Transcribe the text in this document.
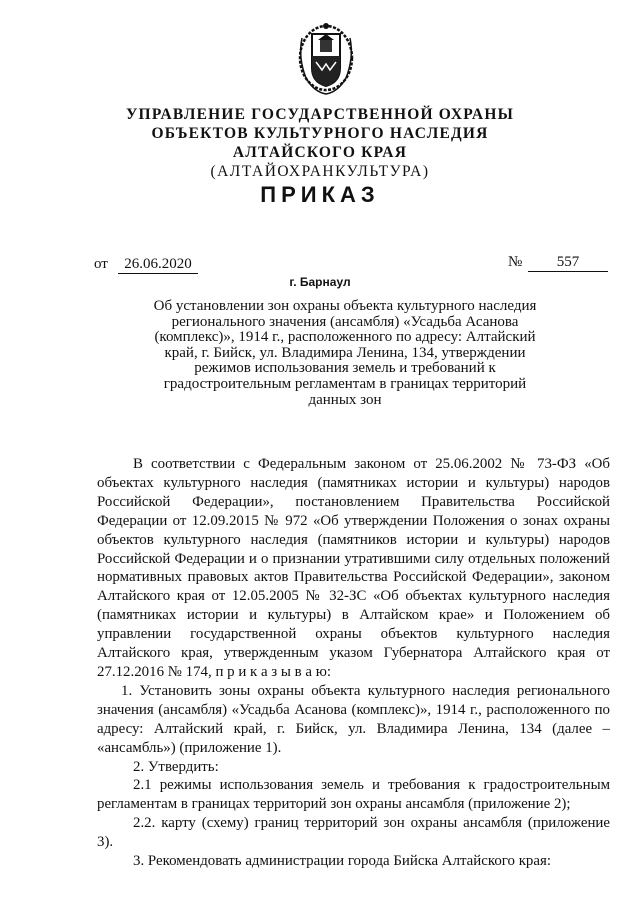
УПРАВЛЕНИЕ ГОСУДАРСТВЕННОЙ ОХРАНЫ
ОБЪЕКТОВ КУЛЬТУРНОГО НАСЛЕДИЯ
АЛТАЙСКОГО КРАЯ
(АЛТАЙОХРАНКУЛЬТУРА)
ПРИКАЗ
от	26.06.2020	№	557
г. Барнаул
Об установлении зон охраны объекта культурного наследия регионального значения (ансамбля) «Усадьба Асанова (комплекс)», 1914 г., расположенного по адресу: Алтайский край, г. Бийск, ул. Владимира Ленина, 134, утверждении режимов использования земель и требований к градостроительным регламентам в границах территорий данных зон

В соответствии с Федеральным законом от 25.06.2002 № 73-ФЗ «Об объектах культурного наследия (памятниках истории и культуры) народов Российской Федерации», постановлением Правительства Российской Федерации от 12.09.2015 № 972 «Об утверждении Положения о зонах охраны объектов культурного наследия (памятников истории и культуры) народов Российской Федерации и о признании утратившими силу отдельных положений нормативных правовых актов Правительства Российской Федерации», законом Алтайского края от 12.05.2005 № 32-ЗС «Об объектах культурного наследия (памятниках истории и культуры) в Алтайском крае» и Положением об управлении государственной охраны объектов культурного наследия Алтайского края, утвержденным указом Губернатора Алтайского края от 27.12.2016 № 174, п р и к а з ы в а ю:

1. Установить зоны охраны объекта культурного наследия регионального значения (ансамбля) «Усадьба Асанова (комплекс)», 1914 г., расположенного по адресу: Алтайский край, г. Бийск, ул. Владимира Ленина, 134 (далее – «ансамбль») (приложение 1).

2. Утвердить:

2.1 режимы использования земель и требования к градостроительным регламентам в границах территорий зон охраны ансамбля (приложение 2);

2.2. карту (схему) границ территорий зон охраны ансамбля (приложение 3).

3. Рекомендовать администрации города Бийска Алтайского края:
